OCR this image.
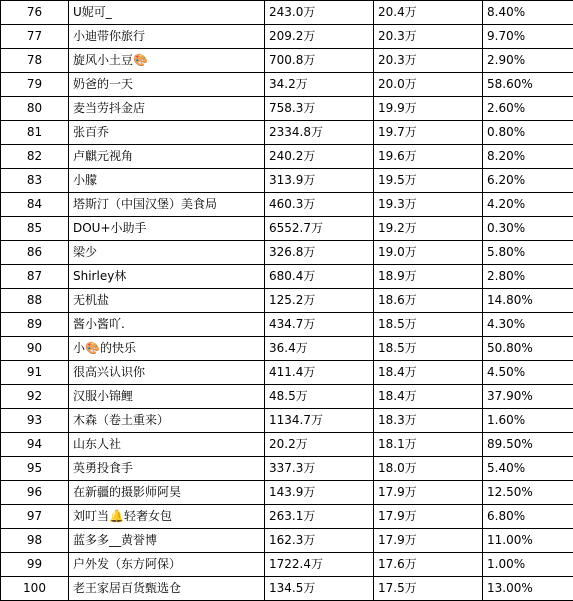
76	U妮可_	243.0万	20.4万	8.40%
77	小迪带你旅行	209.2万	20.3万	9.70%
78	旋风小土豆🎨	700.8万	20.3万	2.90%
79	奶爸的一天	34.2万	20.0万	58.60%
80	麦当劳抖金店	758.3万	19.9万	2.60%
81	张百乔	2334.8万	19.7万	0.80%
82	卢麒元视角	240.2万	19.6万	8.20%
83	小朦	313.9万	19.5万	6.20%
84	塔斯汀（中国汉堡）美食局	460.3万	19.3万	4.20%
85	DOU+小助手	6552.7万	19.2万	0.30%
86	梁少	326.8万	19.0万	5.80%
87	Shirley林	680.4万	18.9万	2.80%
88	无机盐	125.2万	18.6万	14.80%
89	酱小酱吖.	434.7万	18.5万	4.30%
90	小🎨的快乐	36.4万	18.5万	50.80%
91	很高兴认识你	411.4万	18.4万	4.50%
92	汉服小锦鲤	48.5万	18.4万	37.90%
93	木森（卷土重来）	1134.7万	18.3万	1.60%
94	山东人社	20.2万	18.1万	89.50%
95	英勇投食手	337.3万	18.0万	5.40%
96	在新疆的摄影师阿昊	143.9万	17.9万	12.50%
97	刘叮当🔔轻奢女包	263.1万	17.9万	6.80%
98	蓝多多__黄誉博	162.3万	17.9万	11.00%
99	户外发（东方阿保）	1722.4万	17.6万	1.00%
100	老王家居百货甄选仓	134.5万	17.5万	13.00%
